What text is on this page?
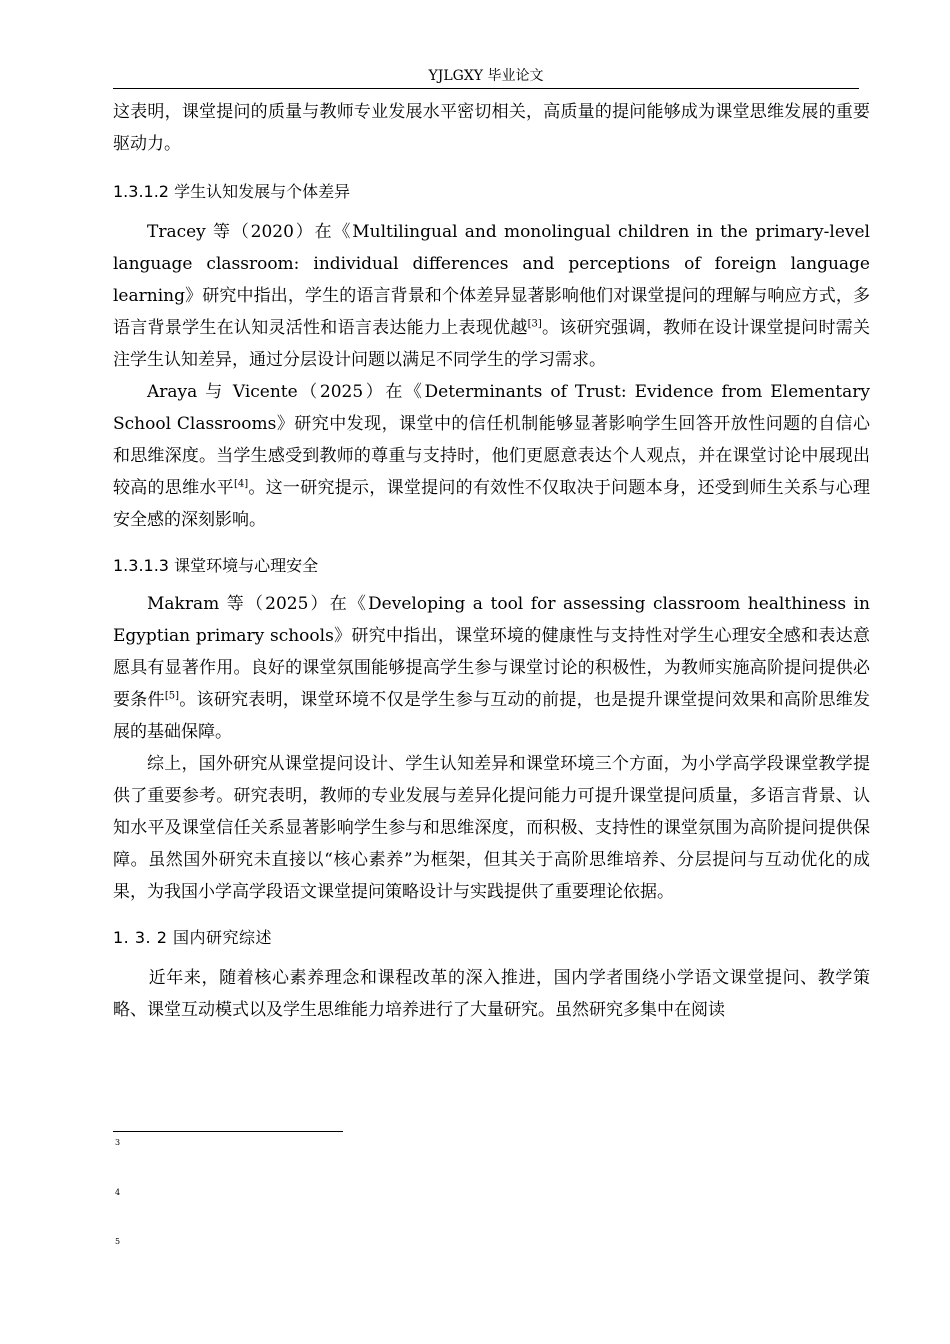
YJLGXY 毕业论文

这表明，课堂提问的质量与教师专业发展水平密切相关，高质量的提问能够成为课堂思维发展的重要驱动力。

1.3.1.2 学生认知发展与个体差异

Tracey 等（2020）在《Multilingual and monolingual children in the primary-level language classroom: individual differences and perceptions of foreign language learning》研究中指出，学生的语言背景和个体差异显著影响他们对课堂提问的理解与响应方式，多语言背景学生在认知灵活性和语言表达能力上表现优越[3]。该研究强调，教师在设计课堂提问时需关注学生认知差异，通过分层设计问题以满足不同学生的学习需求。

Araya 与 Vicente（2025）在《Determinants of Trust: Evidence from Elementary School Classrooms》研究中发现，课堂中的信任机制能够显著影响学生回答开放性问题的自信心和思维深度。当学生感受到教师的尊重与支持时，他们更愿意表达个人观点，并在课堂讨论中展现出较高的思维水平[4]。这一研究提示，课堂提问的有效性不仅取决于问题本身，还受到师生关系与心理安全感的深刻影响。

1.3.1.3 课堂环境与心理安全

Makram 等（2025）在《Developing a tool for assessing classroom healthiness in Egyptian primary schools》研究中指出，课堂环境的健康性与支持性对学生心理安全感和表达意愿具有显著作用。良好的课堂氛围能够提高学生参与课堂讨论的积极性，为教师实施高阶提问提供必要条件[5]。该研究表明，课堂环境不仅是学生参与互动的前提，也是提升课堂提问效果和高阶思维发展的基础保障。

综上，国外研究从课堂提问设计、学生认知差异和课堂环境三个方面，为小学高学段课堂教学提供了重要参考。研究表明，教师的专业发展与差异化提问能力可提升课堂提问质量，多语言背景、认知水平及课堂信任关系显著影响学生参与和思维深度，而积极、支持性的课堂氛围为高阶提问提供保障。虽然国外研究未直接以“核心素养”为框架，但其关于高阶思维培养、分层提问与互动优化的成果，为我国小学高学段语文课堂提问策略设计与实践提供了重要理论依据。

1. 3. 2 国内研究综述

近年来，随着核心素养理念和课程改革的深入推进，国内学者围绕小学语文课堂提问、教学策略、课堂互动模式以及学生思维能力培养进行了大量研究。虽然研究多集中在阅读

3
4
5
